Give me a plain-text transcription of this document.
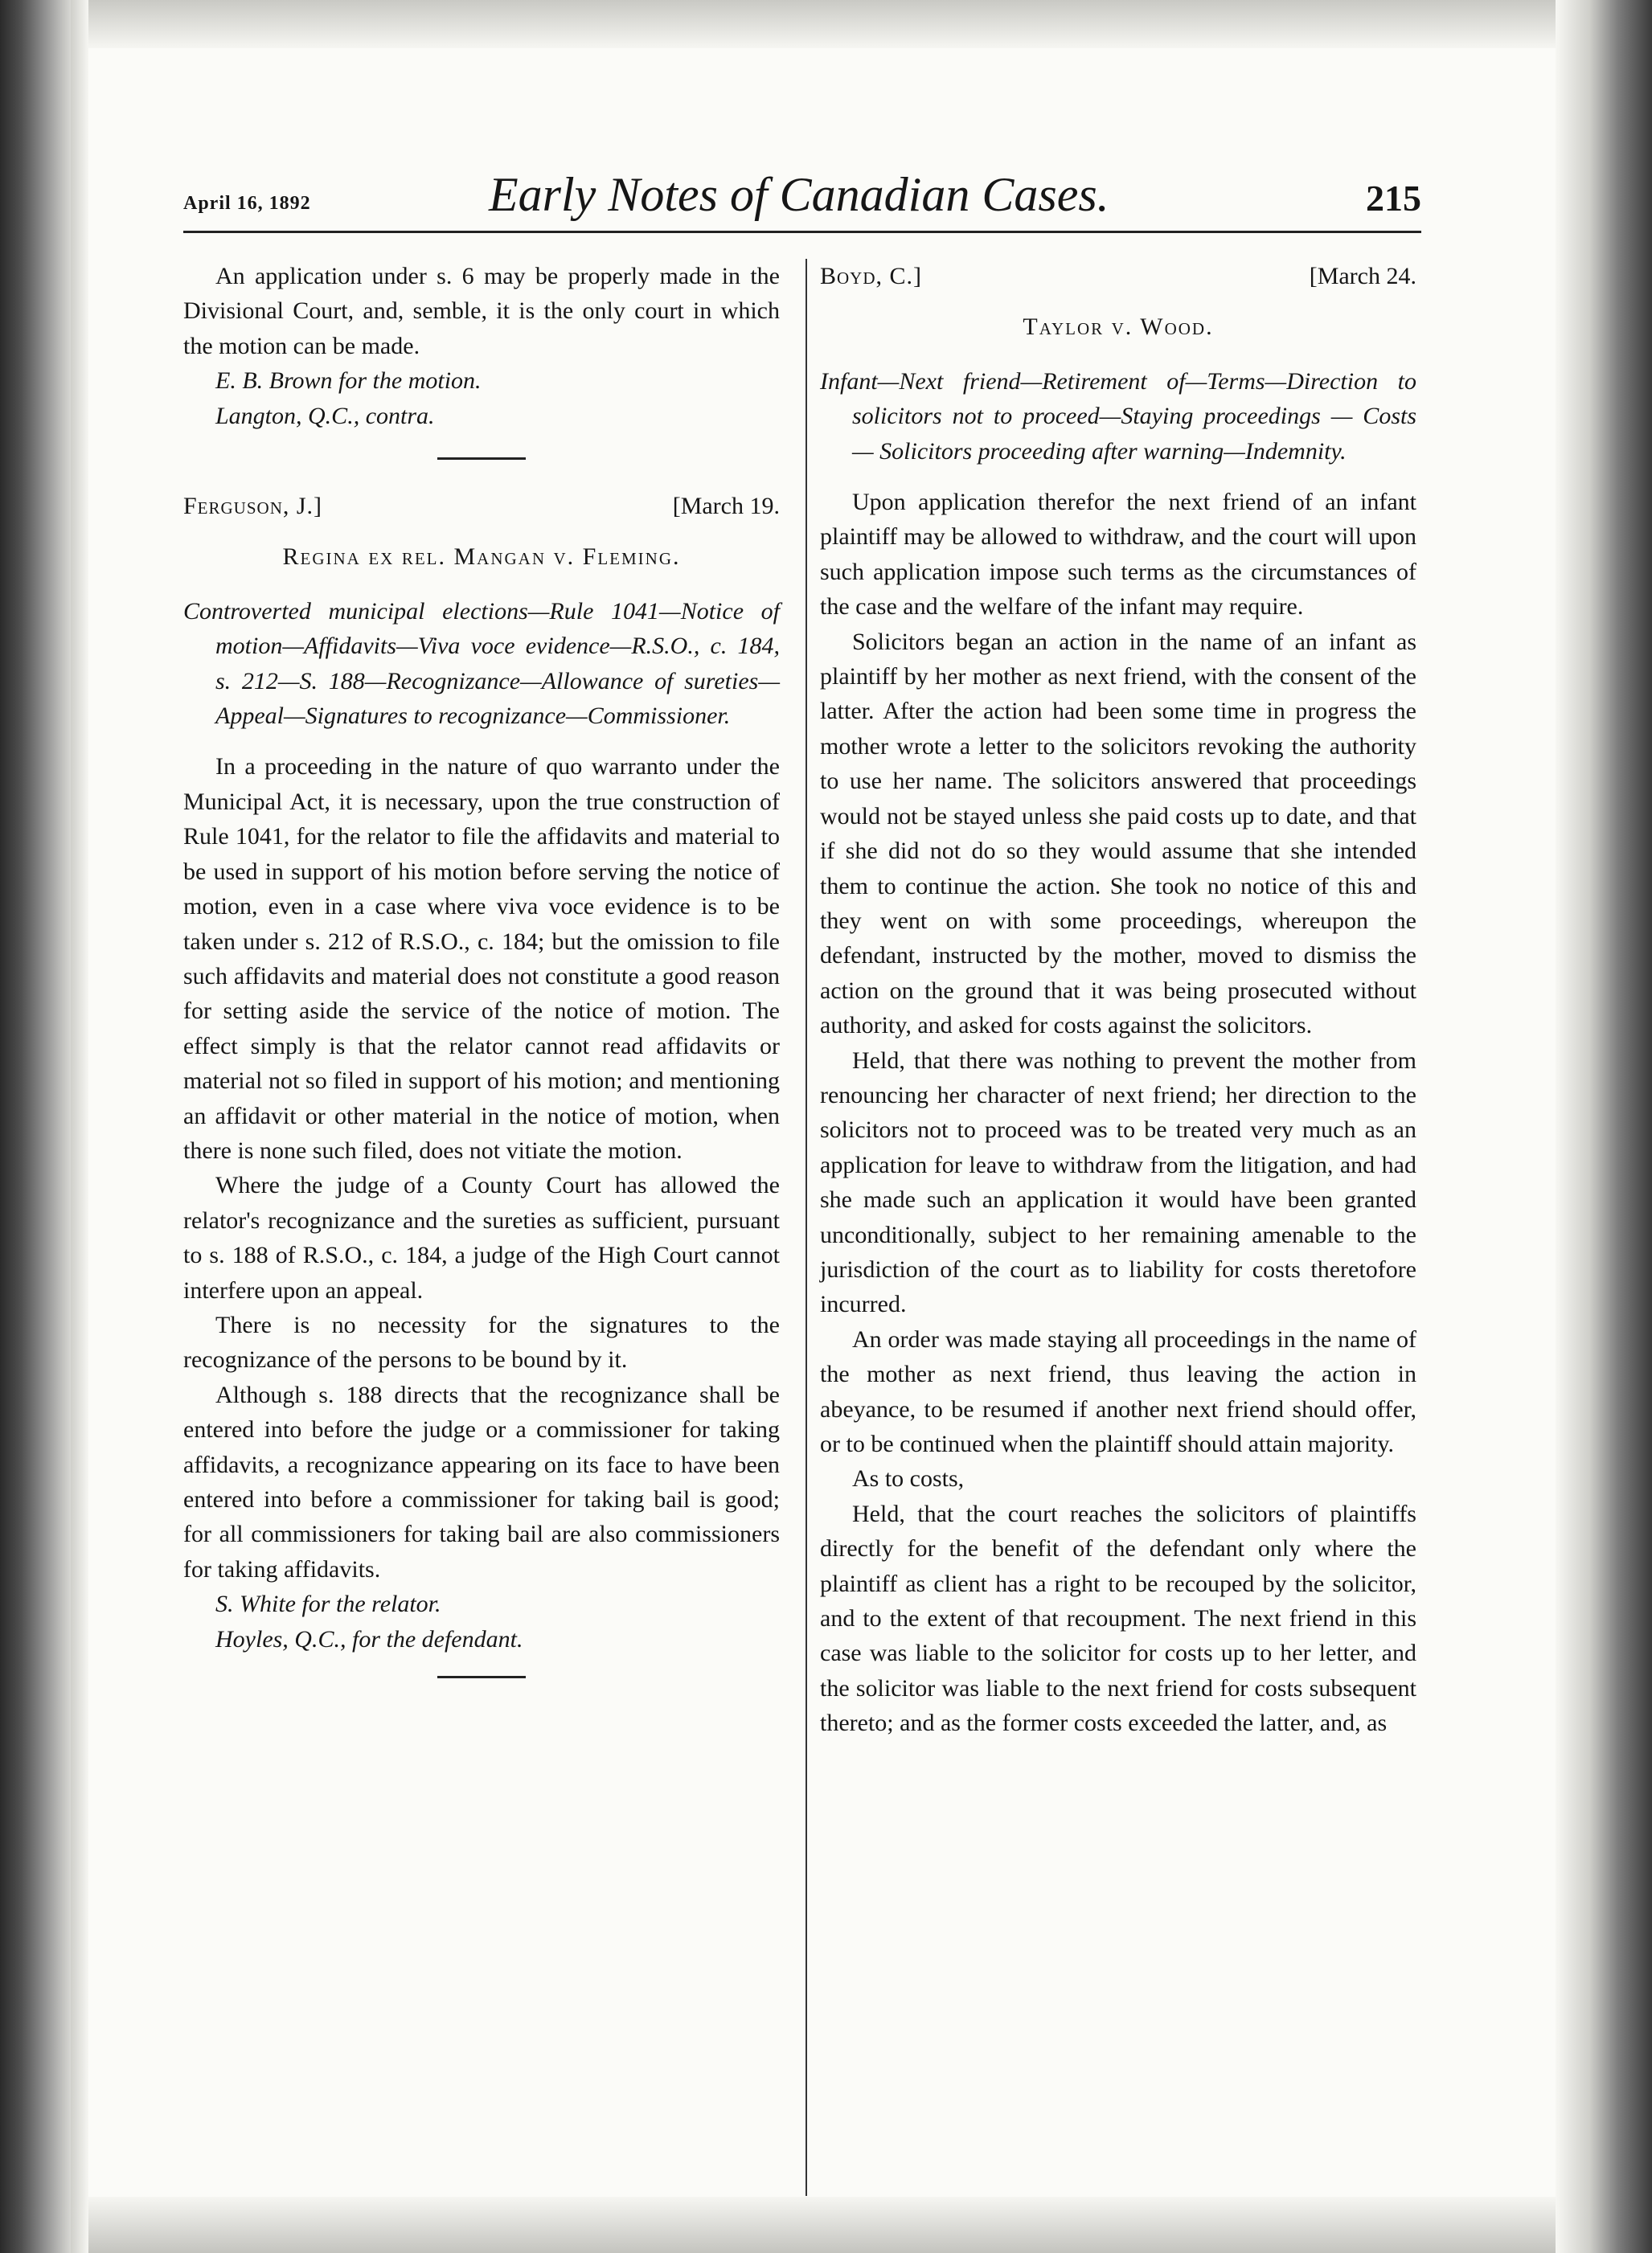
April 16, 1892	Early Notes of Canadian Cases.	215

An application under s. 6 may be properly made in the Divisional Court, and, semble, it is the only court in which the motion can be made.

E. B. Brown for the motion.

Langton, Q.C., contra.

Ferguson, J.]	[March 19.

Regina ex rel. Mangan v. Fleming.

Controverted municipal elections—Rule 1041—Notice of motion—Affidavits—Viva voce evidence—R.S.O., c. 184, s. 212—S. 188—Recognizance—Allowance of sureties—Appeal—Signatures to recognizance—Commissioner.

In a proceeding in the nature of quo warranto under the Municipal Act, it is necessary, upon the true construction of Rule 1041, for the relator to file the affidavits and material to be used in support of his motion before serving the notice of motion, even in a case where viva voce evidence is to be taken under s. 212 of R.S.O., c. 184; but the omission to file such affidavits and material does not constitute a good reason for setting aside the service of the notice of motion. The effect simply is that the relator cannot read affidavits or material not so filed in support of his motion; and mentioning an affidavit or other material in the notice of motion, when there is none such filed, does not vitiate the motion.

Where the judge of a County Court has allowed the relator's recognizance and the sureties as sufficient, pursuant to s. 188 of R.S.O., c. 184, a judge of the High Court cannot interfere upon an appeal.

There is no necessity for the signatures to the recognizance of the persons to be bound by it.

Although s. 188 directs that the recognizance shall be entered into before the judge or a commissioner for taking affidavits, a recognizance appearing on its face to have been entered into before a commissioner for taking bail is good; for all commissioners for taking bail are also commissioners for taking affidavits.

S. White for the relator.

Hoyles, Q.C., for the defendant.

Boyd, C.]	[March 24.

Taylor v. Wood.

Infant—Next friend—Retirement of—Terms—Direction to solicitors not to proceed—Staying proceedings — Costs — Solicitors proceeding after warning—Indemnity.

Upon application therefor the next friend of an infant plaintiff may be allowed to withdraw, and the court will upon such application impose such terms as the circumstances of the case and the welfare of the infant may require.

Solicitors began an action in the name of an infant as plaintiff by her mother as next friend, with the consent of the latter. After the action had been some time in progress the mother wrote a letter to the solicitors revoking the authority to use her name. The solicitors answered that proceedings would not be stayed unless she paid costs up to date, and that if she did not do so they would assume that she intended them to continue the action. She took no notice of this and they went on with some proceedings, whereupon the defendant, instructed by the mother, moved to dismiss the action on the ground that it was being prosecuted without authority, and asked for costs against the solicitors.

Held, that there was nothing to prevent the mother from renouncing her character of next friend; her direction to the solicitors not to proceed was to be treated very much as an application for leave to withdraw from the litigation, and had she made such an application it would have been granted unconditionally, subject to her remaining amenable to the jurisdiction of the court as to liability for costs theretofore incurred.

An order was made staying all proceedings in the name of the mother as next friend, thus leaving the action in abeyance, to be resumed if another next friend should offer, or to be continued when the plaintiff should attain majority.

As to costs,

Held, that the court reaches the solicitors of plaintiffs directly for the benefit of the defendant only where the plaintiff as client has a right to be recouped by the solicitor, and to the extent of that recoupment. The next friend in this case was liable to the solicitor for costs up to her letter, and the solicitor was liable to the next friend for costs subsequent thereto; and as the former costs exceeded the latter, and, as
